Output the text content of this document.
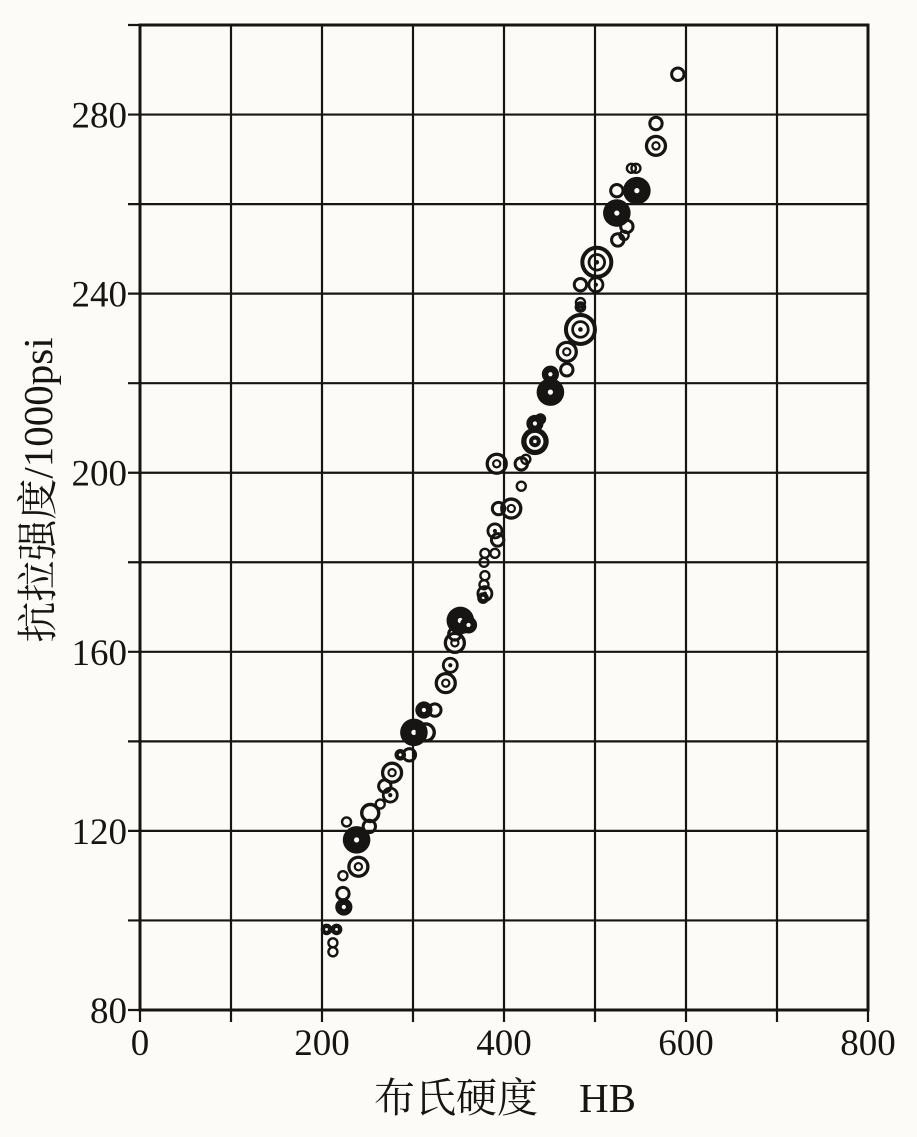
0	200	400	600	800
280
240
200
160
120
80
布氏硬度　HB
抗拉强度/1000psi
